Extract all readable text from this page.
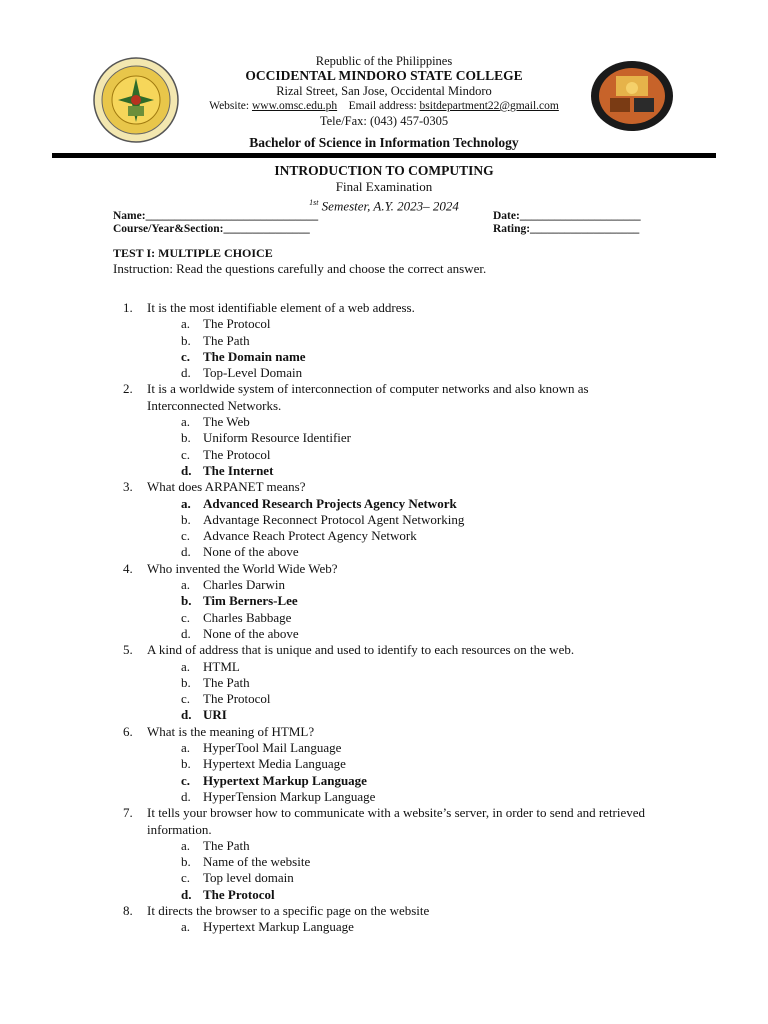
Republic of the Philippines
OCCIDENTAL MINDORO STATE COLLEGE
Rizal Street, San Jose, Occidental Mindoro
Website: www.omsc.edu.ph Email address: bsitdepartment22@gmail.com
Tele/Fax: (043) 457-0305
Bachelor of Science in Information Technology
INTRODUCTION TO COMPUTING
Final Examination
$^{1st}$ Semester, A.Y. 2023– 2024
Name:______________________________	Date:_____________________
Course/Year&Section:_______________	Rating:___________________
TEST I: MULTIPLE CHOICE
Instruction: Read the questions carefully and choose the correct answer.
1.	It is the most identifiable element of a web address.
a. The Protocol
b. The Path
c. The Domain name
d. Top-Level Domain
2.	It is a worldwide system of interconnection of computer networks and also known as Interconnected Networks.
a. The Web
b. Uniform Resource Identifier
c. The Protocol
d. The Internet
3.	What does ARPANET means?
a. Advanced Research Projects Agency Network
b. Advantage Reconnect Protocol Agent Networking
c. Advance Reach Protect Agency Network
d. None of the above
4.	Who invented the World Wide Web?
a. Charles Darwin
b. Tim Berners-Lee
c. Charles Babbage
d. None of the above
5.	A kind of address that is unique and used to identify to each resources on the web.
a. HTML
b. The Path
c. The Protocol
d. URI
6.	What is the meaning of HTML?
a. HyperTool Mail Language
b. Hypertext Media Language
c. Hypertext Markup Language
d. HyperTension Markup Language
7.	It tells your browser how to communicate with a website’s server, in order to send and retrieved information.
a. The Path
b. Name of the website
c. Top level domain
d. The Protocol
8.	It directs the browser to a specific page on the website
a. Hypertext Markup Language
